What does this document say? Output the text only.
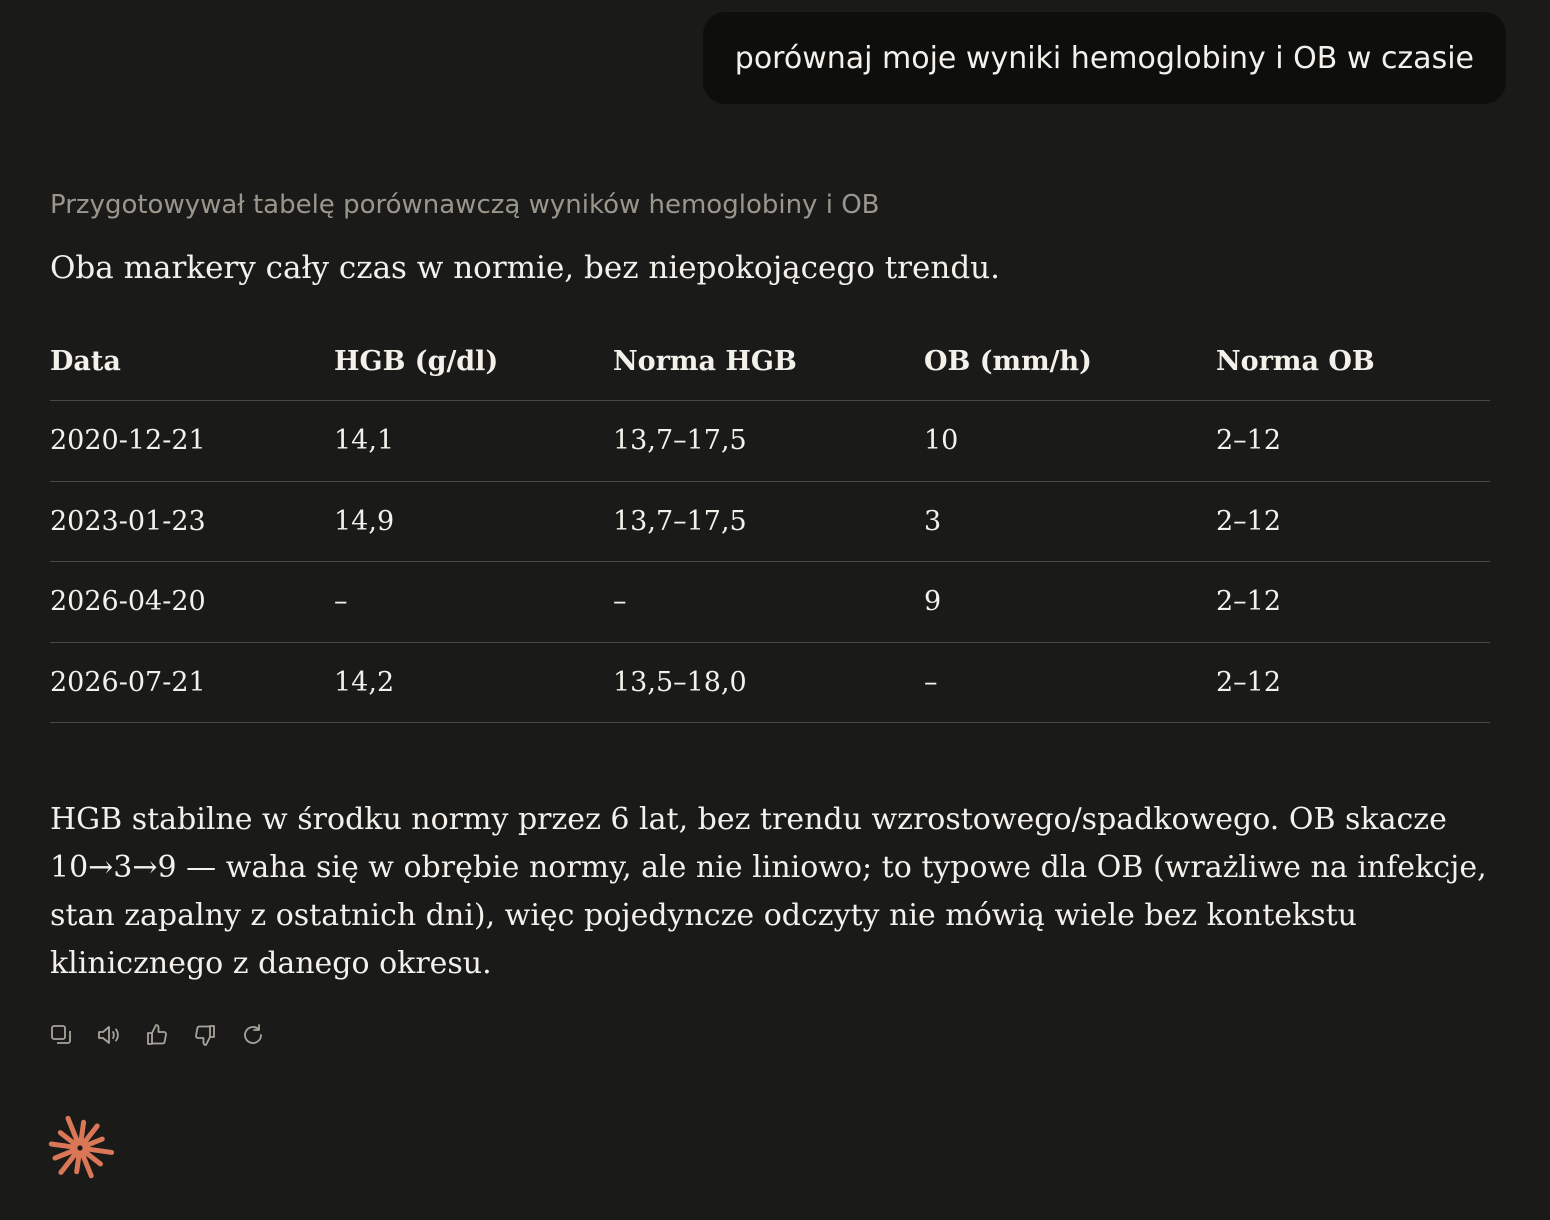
porównaj moje wyniki hemoglobiny i OB w czasie
Przygotowywał tabelę porównawczą wyników hemoglobiny i OB
Oba markery cały czas w normie, bez niepokojącego trendu.
Data	HGB (g/dl)	Norma HGB	OB (mm/h)	Norma OB
2020-12-21	14,1	13,7–17,5	10	2–12
2023-01-23	14,9	13,7–17,5	3	2–12
2026-04-20	–	–	9	2–12
2026-07-21	14,2	13,5–18,0	–	2–12
HGB stabilne w środku normy przez 6 lat, bez trendu wzrostowego/spadkowego. OB skacze
10→3→9 — waha się w obrębie normy, ale nie liniowo; to typowe dla OB (wrażliwe na infekcje,
stan zapalny z ostatnich dni), więc pojedyncze odczyty nie mówią wiele bez kontekstu
klinicznego z danego okresu.
